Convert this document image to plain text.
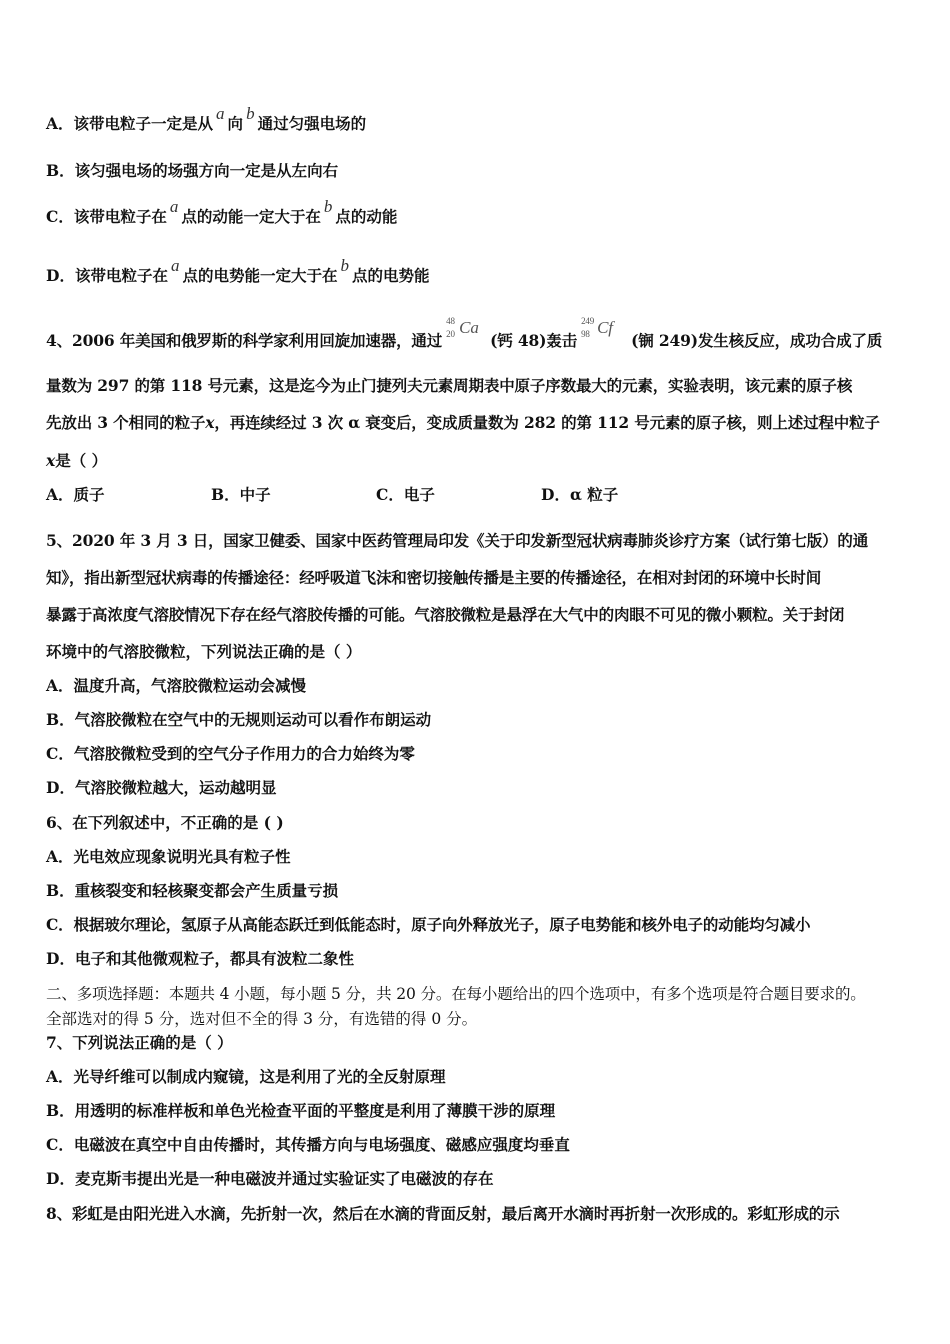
A．该带电粒子一定是从a向b通过匀强电场的
B．该匀强电场的场强方向一定是从左向右
C．该带电粒子在a点的动能一定大于在b点的动能
D．该带电粒子在a点的电势能一定大于在b点的电势能
4、2006 年美国和俄罗斯的科学家利用回旋加速器，通过
48
20 Ca
(钙 48)轰击
249
98 Cf
(锎 249)发生核反应，成功合成了质
量数为 297 的第 118 号元素，这是迄今为止门捷列夫元素周期表中原子序数最大的元素，实验表明，该元素的原子核
先放出 3 个相同的粒子x，再连续经过 3 次 α 衰变后，变成质量数为 282 的第 112 号元素的原子核，则上述过程中粒子
x是（ ）
A．质子	B．中子	C．电子	D．α 粒子
5、2020 年 3 月 3 日，国家卫健委、国家中医药管理局印发《关于印发新型冠状病毒肺炎诊疗方案（试行第七版）的通
知》，指出新型冠状病毒的传播途径：经呼吸道飞沫和密切接触传播是主要的传播途径，在相对封闭的环境中长时间
暴露于高浓度气溶胶情况下存在经气溶胶传播的可能。气溶胶微粒是悬浮在大气中的肉眼不可见的微小颗粒。关于封闭
环境中的气溶胶微粒，下列说法正确的是（ ）
A．温度升高，气溶胶微粒运动会减慢
B．气溶胶微粒在空气中的无规则运动可以看作布朗运动
C．气溶胶微粒受到的空气分子作用力的合力始终为零
D．气溶胶微粒越大，运动越明显
6、在下列叙述中，不正确的是 ( )
A．光电效应现象说明光具有粒子性
B．重核裂变和轻核聚变都会产生质量亏损
C．根据玻尔理论，氢原子从高能态跃迁到低能态时，原子向外释放光子，原子电势能和核外电子的动能均匀减小
D．电子和其他微观粒子，都具有波粒二象性
二、多项选择题：本题共 4 小题，每小题 5 分，共 20 分。在每小题给出的四个选项中，有多个选项是符合题目要求的。
全部选对的得 5 分，选对但不全的得 3 分，有选错的得 0 分。
7、下列说法正确的是（ ）
A．光导纤维可以制成内窥镜，这是利用了光的全反射原理
B．用透明的标准样板和单色光检查平面的平整度是利用了薄膜干涉的原理
C．电磁波在真空中自由传播时，其传播方向与电场强度、磁感应强度均垂直
D．麦克斯韦提出光是一种电磁波并通过实验证实了电磁波的存在
8、彩虹是由阳光进入水滴，先折射一次，然后在水滴的背面反射，最后离开水滴时再折射一次形成的。彩虹形成的示
